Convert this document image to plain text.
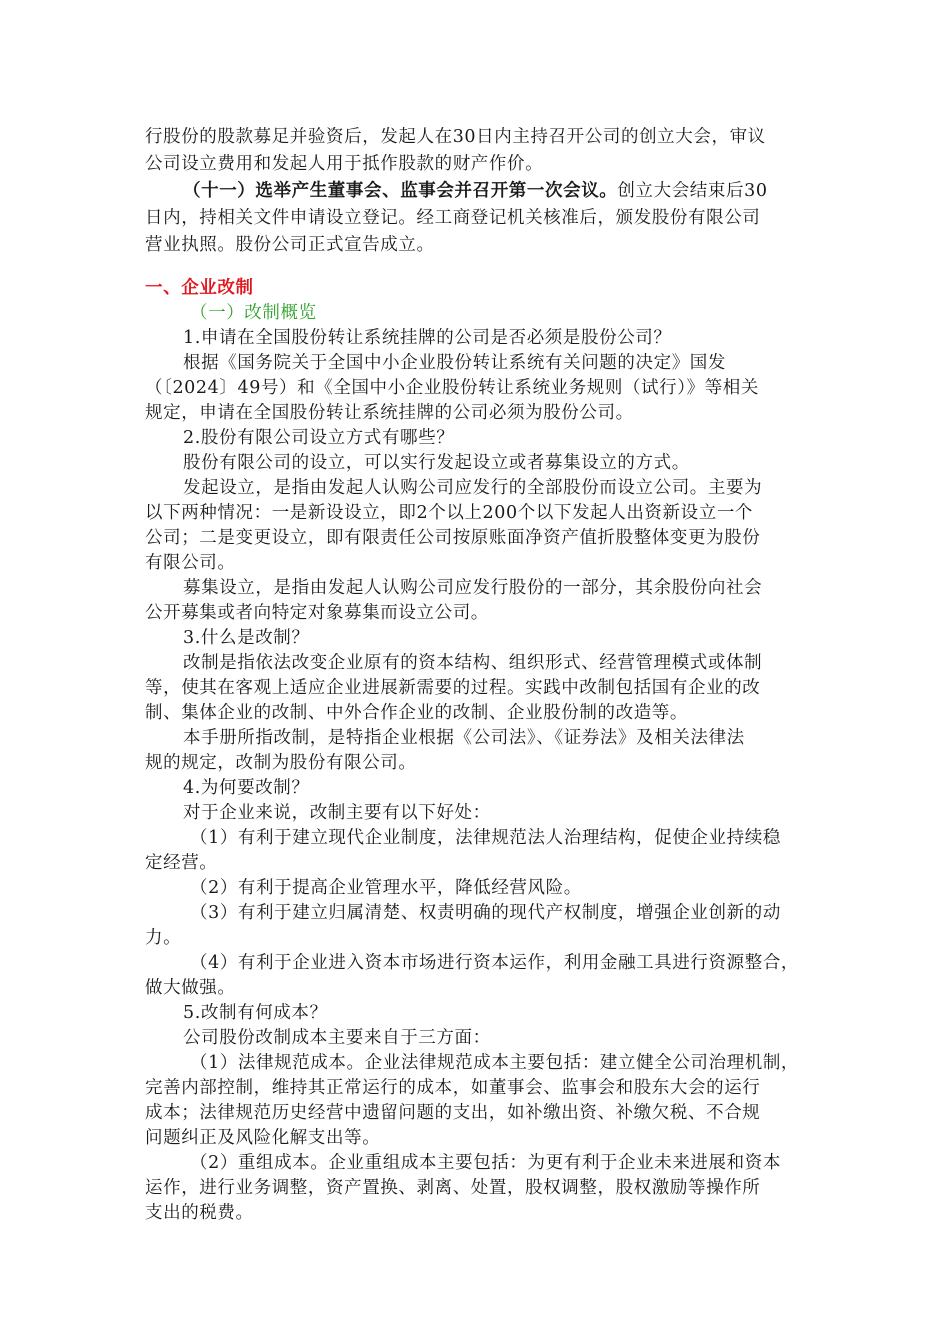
行股份的股款募足并验资后，发起人在30日内主持召开公司的创立大会，审议
公司设立费用和发起人用于抵作股款的财产作价。
（十一）选举产生董事会、监事会并召开第一次会议。创立大会结束后30
日内，持相关文件申请设立登记。经工商登记机关核准后，颁发股份有限公司
营业执照。股份公司正式宣告成立。
一、企业改制
（一）改制概览
1.申请在全国股份转让系统挂牌的公司是否必须是股份公司？
根据《国务院关于全国中小企业股份转让系统有关问题的决定》国发
（〔2024〕49号）和《全国中小企业股份转让系统业务规则（试行）》等相关
规定，申请在全国股份转让系统挂牌的公司必须为股份公司。
2.股份有限公司设立方式有哪些？
股份有限公司的设立，可以实行发起设立或者募集设立的方式。
发起设立，是指由发起人认购公司应发行的全部股份而设立公司。主要为
以下两种情况：一是新设设立，即2个以上200个以下发起人出资新设立一个
公司；二是变更设立，即有限责任公司按原账面净资产值折股整体变更为股份
有限公司。
募集设立，是指由发起人认购公司应发行股份的一部分，其余股份向社会
公开募集或者向特定对象募集而设立公司。
3.什么是改制？
改制是指依法改变企业原有的资本结构、组织形式、经营管理模式或体制
等，使其在客观上适应企业进展新需要的过程。实践中改制包括国有企业的改
制、集体企业的改制、中外合作企业的改制、企业股份制的改造等。
本手册所指改制，是特指企业根据《公司法》、《证券法》及相关法律法
规的规定，改制为股份有限公司。
4.为何要改制？
对于企业来说，改制主要有以下好处：
（1）有利于建立现代企业制度，法律规范法人治理结构，促使企业持续稳
定经营。
（2）有利于提高企业管理水平，降低经营风险。
（3）有利于建立归属清楚、权责明确的现代产权制度，增强企业创新的动
力。
（4）有利于企业进入资本市场进行资本运作，利用金融工具进行资源整合，
做大做强。
5.改制有何成本？
公司股份改制成本主要来自于三方面：
（1）法律规范成本。企业法律规范成本主要包括：建立健全公司治理机制，
完善内部控制，维持其正常运行的成本，如董事会、监事会和股东大会的运行
成本；法律规范历史经营中遗留问题的支出，如补缴出资、补缴欠税、不合规
问题纠正及风险化解支出等。
（2）重组成本。企业重组成本主要包括：为更有利于企业未来进展和资本
运作，进行业务调整，资产置换、剥离、处置，股权调整，股权激励等操作所
支出的税费。
